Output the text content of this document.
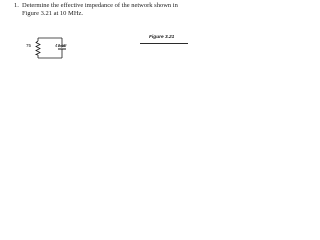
1. Determine the effective impedance of the network shown in Figure 3.21 at 10 MHz.
Figure 3.21
75	47 pF
